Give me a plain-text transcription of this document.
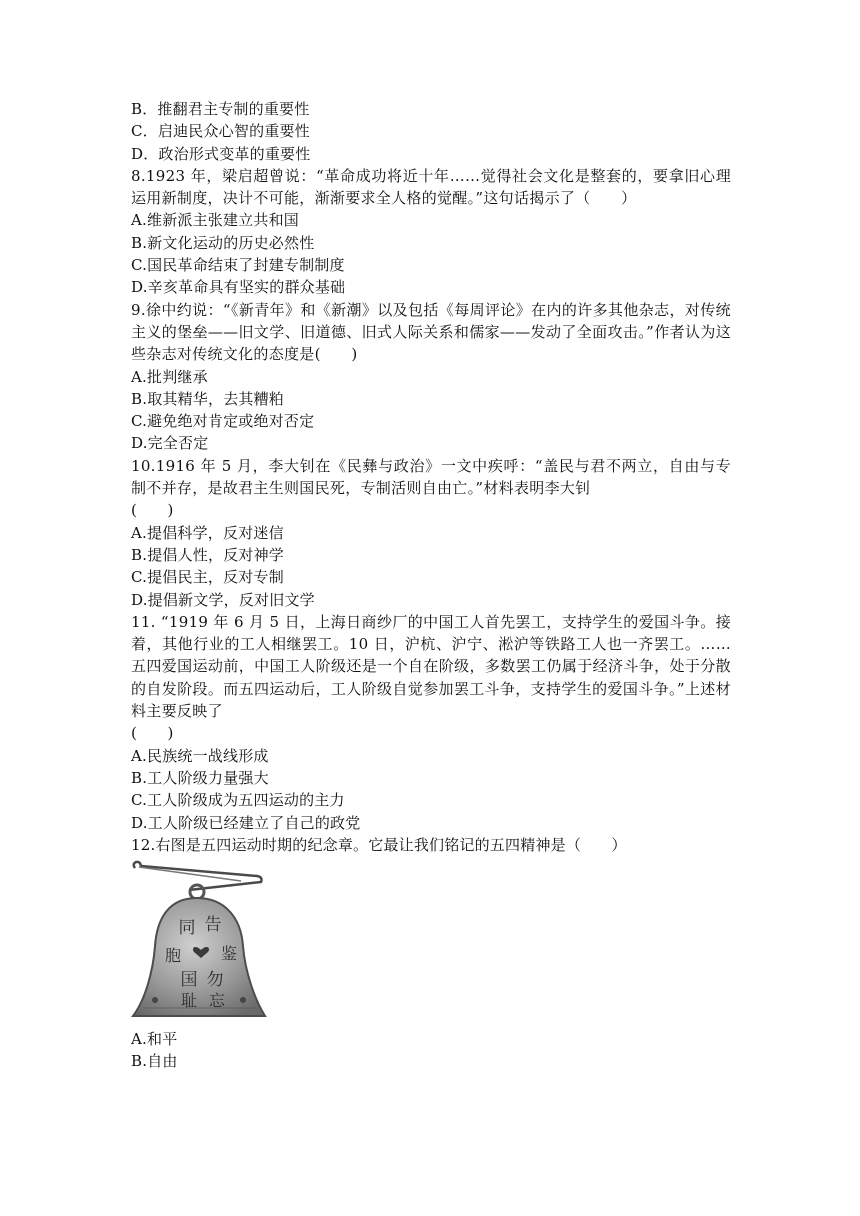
B．推翻君主专制的重要性
C．启迪民众心智的重要性
D．政治形式变革的重要性
8.1923 年，梁启超曾说：“革命成功将近十年……觉得社会文化是整套的，要拿旧心理运用新制度，决计不可能，渐渐要求全人格的觉醒。”这句话揭示了（　　）
A.维新派主张建立共和国
B.新文化运动的历史必然性
C.国民革命结束了封建专制制度
D.辛亥革命具有坚实的群众基础
9.徐中约说：“《新青年》和《新潮》以及包括《每周评论》在内的许多其他杂志，对传统主义的堡垒——旧文学、旧道德、旧式人际关系和儒家——发动了全面攻击。”作者认为这些杂志对传统文化的态度是(　　)
A.批判继承
B.取其精华，去其糟粕
C.避免绝对肯定或绝对否定
D.完全否定
10.1916 年 5 月，李大钊在《民彝与政治》一文中疾呼：“盖民与君不两立，自由与专制不并存，是故君主生则国民死，专制活则自由亡。”材料表明李大钊
(　　)
A.提倡科学，反对迷信
B.提倡人性，反对神学
C.提倡民主，反对专制
D.提倡新文学，反对旧文学
11. “1919 年 6 月 5 日，上海日商纱厂的中国工人首先罢工，支持学生的爱国斗争。接着，其他行业的工人相继罢工。10 日，沪杭、沪宁、淞沪等铁路工人也一齐罢工。……五四爱国运动前，中国工人阶级还是一个自在阶级，多数罢工仍属于经济斗争，处于分散的自发阶段。而五四运动后，工人阶级自觉参加罢工斗争，支持学生的爱国斗争。”上述材料主要反映了
(　　)
A.民族统一战线形成
B.工人阶级力量强大
C.工人阶级成为五四运动的主力
D.工人阶级已经建立了自己的政党
12.右图是五四运动时期的纪念章。它最让我们铭记的五四精神是（　　）
同 告
胞 鉴
国 勿
耻 忘
A.和平
B.自由
